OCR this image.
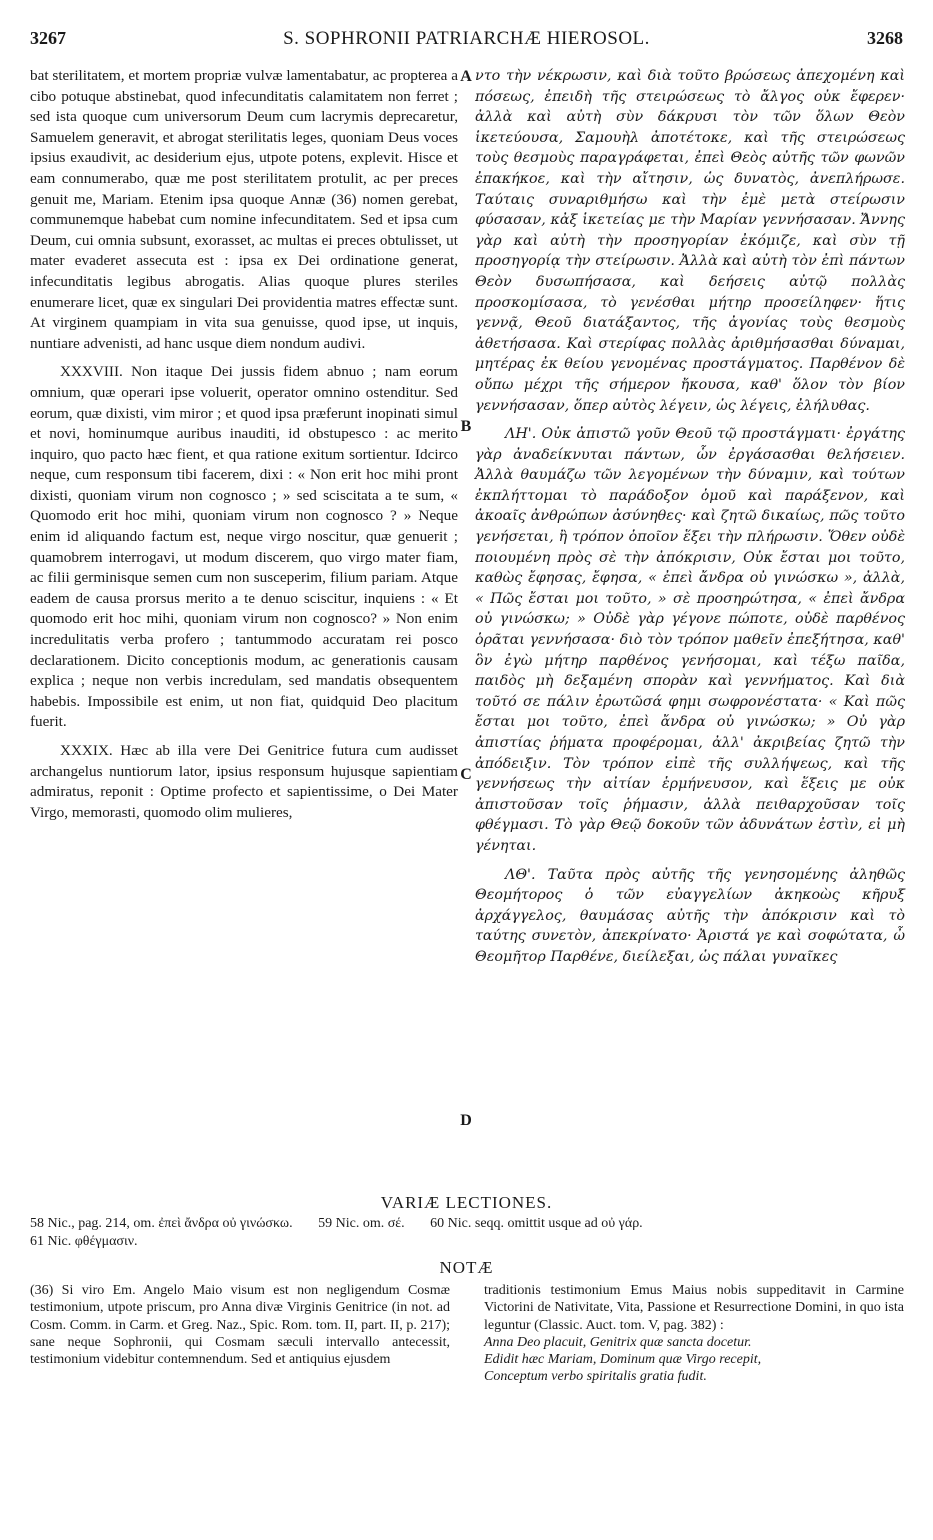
3267	S. SOPHRONII PATRIARCHÆ HIEROSOL.	3268

bat sterilitatem, et mortem propriæ vulvæ lamentabatur, ac propterea a cibo potuque abstinebat, quod infecunditatis calamitatem non ferret ; sed ista quoque cum universorum Deum cum lacrymis deprecaretur, Samuelem generavit, et abrogat sterilitatis leges, quoniam Deus voces ipsius exaudivit, ac desiderium ejus, utpote potens, explevit. Hisce et eam connumerabo, quæ me post sterilitatem protulit, ac per preces genuit me, Mariam. Etenim ipsa quoque Annæ (36) nomen gerebat, communemque habebat cum nomine infecunditatem. Sed et ipsa cum Deum, cui omnia subsunt, exorasset, ac multas ei preces obtulisset, ut mater evaderet assecuta est : ipsa ex Dei ordinatione generat, infecunditatis legibus abrogatis. Alias quoque plures steriles enumerare licet, quæ ex singulari Dei providentia matres effectæ sunt. At virginem quampiam in vita sua genuisse, quod ipse, ut inquis, nuntiare advenisti, ad hanc usque diem nondum audivi.

XXXVIII. Non itaque Dei jussis fidem abnuo ; nam eorum omnium, quæ operari ipse voluerit, operator omnino ostenditur. Sed eorum, quæ dixisti, vim miror ; et quod ipsa præferunt inopinati simul et novi, hominumque auribus inauditi, id obstupesco : ac merito inquiro, quo pacto hæc fient, et qua ratione exitum sortientur. Idcirco neque, cum responsum tibi facerem, dixi : « Non erit hoc mihi pront dixisti, quoniam virum non cognosco ; » sed sciscitata a te sum, « Quomodo erit hoc mihi, quoniam virum non cognosco ? » Neque enim id aliquando factum est, neque virgo noscitur, quæ genuerit ; quamobrem interrogavi, ut modum discerem, quo virgo mater fiam, ac filii germinisque semen cum non susceperim, filium pariam. Atque eadem de causa prorsus merito a te denuo sciscitur, inquiens : « Et quomodo erit hoc mihi, quoniam virum non cognosco? » Non enim incredulitatis verba profero ; tantummodo accuratam rei posco declarationem. Dicito conceptionis modum, ac generationis causam explica ; neque non verbis incredulam, sed mandatis obsequentem habebis. Impossibile est enim, ut non fiat, quidquid Deo placitum fuerit.

XXXIX. Hæc ab illa vere Dei Genitrice futura cum audisset archangelus nuntiorum lator, ipsius responsum hujusque sapientiam admiratus, reponit : Optime profecto et sapientissime, o Dei Mater Virgo, memorasti, quomodo olim mulieres,

A
B
C
D

ντο τὴν νέκρωσιν, καὶ διὰ τοῦτο βρώσεως ἀπεχομένη καὶ πόσεως, ἐπειδὴ τῆς στειρώσεως τὸ ἄλγος οὐκ ἔφερεν· ἀλλὰ καὶ αὐτὴ σὺν δάκρυσι τὸν τῶν ὅλων Θεὸν ἱκετεύουσα, Σαμουὴλ ἀποτέτοκε, καὶ τῆς στειρώσεως τοὺς θεσμοὺς παραγράφεται, ἐπεὶ Θεὸς αὐτῆς τῶν φωνῶν ἐπακήκοε, καὶ τὴν αἴτησιν, ὡς δυνατὸς, ἀνεπλήρωσε. Ταύταις συναριθμήσω καὶ τὴν ἐμὲ μετὰ στείρωσιν φύσασαν, κἀξ ἱκετείας με τὴν Μαρίαν γεννήσασαν. Ἄννης γὰρ καὶ αὐτὴ τὴν προσηγορίαν ἐκόμιζε, καὶ σὺν τῇ προσηγορίᾳ τὴν στείρωσιν. Ἀλλὰ καὶ αὐτὴ τὸν ἐπὶ πάντων Θεὸν δυσωπήσασα, καὶ δεήσεις αὐτῷ πολλὰς προσκομίσασα, τὸ γενέσθαι μήτηρ προσείληφεν· ἥτις γεννᾷ, Θεοῦ διατάξαντος, τῆς ἀγονίας τοὺς θεσμοὺς ἀθετήσασα. Καὶ στερίφας πολλὰς ἀριθμήσασθαι δύναμαι, μητέρας ἐκ θείου γενομένας προστάγματος. Παρθένον δὲ οὔπω μέχρι τῆς σήμερον ἤκουσα, καθ' ὅλον τὸν βίον γεννήσασαν, ὅπερ αὐτὸς λέγειν, ὡς λέγεις, ἐλήλυθας.

ΛΗ'. Οὐκ ἀπιστῶ γοῦν Θεοῦ τῷ προστάγματι· ἐργάτης γὰρ ἀναδείκνυται πάντων, ὧν ἐργάσασθαι θελήσειεν. Ἀλλὰ θαυμάζω τῶν λεγομένων τὴν δύναμιν, καὶ τούτων ἐκπλήττομαι τὸ παράδοξον ὁμοῦ καὶ παράξενον, καὶ ἀκοαῖς ἀνθρώπων ἀσύνηθες· καὶ ζητῶ δικαίως, πῶς τοῦτο γενήσεται, ἢ τρόπον ὁποῖον ἕξει τὴν πλήρωσιν. Ὅθεν οὐδὲ ποιουμένη πρὸς σὲ τὴν ἀπόκρισιν, Οὐκ ἔσται μοι τοῦτο, καθὼς ἔφησας, ἔφησα, « ἐπεὶ ἄνδρα οὐ γινώσκω », ἀλλὰ, « Πῶς ἔσται μοι τοῦτο, » σὲ προσηρώτησα, « ἐπεὶ ἄνδρα οὐ γινώσκω; » Οὐδὲ γὰρ γέγονε πώποτε, οὐδὲ παρθένος ὁρᾶται γεννήσασα· διὸ τὸν τρόπον μαθεῖν ἐπεξήτησα, καθ' ὃν ἐγὼ μήτηρ παρθένος γενήσομαι, καὶ τέξω παῖδα, παιδὸς μὴ δεξαμένη σπορὰν καὶ γεννήματος. Καὶ διὰ τοῦτό σε πάλιν ἐρωτῶσά φημι σωφρονέστατα· « Καὶ πῶς ἔσται μοι τοῦτο, ἐπεὶ ἄνδρα οὐ γινώσκω; » Οὐ γὰρ ἀπιστίας ῥήματα προφέρομαι, ἀλλ' ἀκριβείας ζητῶ τὴν ἀπόδειξιν. Τὸν τρόπον εἰπὲ τῆς συλλήψεως, καὶ τῆς γεννήσεως τὴν αἰτίαν ἑρμήνευσον, καὶ ἕξεις με οὐκ ἀπιστοῦσαν τοῖς ῥήμασιν, ἀλλὰ πειθαρχοῦσαν τοῖς φθέγμασι. Τὸ γὰρ Θεῷ δοκοῦν τῶν ἀδυνάτων ἐστὶν, εἰ μὴ γένηται.

ΛΘ'. Ταῦτα πρὸς αὐτῆς τῆς γενησομένης ἀληθῶς Θεομήτορος ὁ τῶν εὐαγγελίων ἀκηκοὼς κῆρυξ ἀρχάγγελος, θαυμάσας αὐτῆς τὴν ἀπόκρισιν καὶ τὸ ταύτης συνετὸν, ἀπεκρίνατο· Ἀριστά γε καὶ σοφώτατα, ὦ Θεομῆτορ Παρθένε, διείλεξαι, ὡς πάλαι γυναῖκες

VARIÆ LECTIONES.
58 Nic., pag. 214, om. ἐπεὶ ἄνδρα οὐ γινώσκω. 59 Nic. om. σέ. 60 Nic. seqq. omittit usque ad οὐ γάρ.
61 Nic. φθέγμασιν.
NOTÆ
(36) Si viro Em. Angelo Maio visum est non negligendum Cosmæ testimonium, utpote priscum, pro Anna divæ Virginis Genitrice (in not. ad Cosm. Comm. in Carm. et Greg. Naz., Spic. Rom. tom. II, part. II, p. 217); sane neque Sophronii, qui Cosmam sæculi intervallo antecessit, testimonium videbitur contemnendum. Sed et antiquius ejusdem
traditionis testimonium Emus Maius nobis suppeditavit in Carmine Victorini de Nativitate, Vita, Passione et Resurrectione Domini, in quo ista leguntur (Classic. Auct. tom. V, pag. 382) :
Anna Deo placuit, Genitrix quæ sancta docetur.
Edidit hæc Mariam, Dominum quæ Virgo recepit,
Conceptum verbo spiritalis gratia fudit.
